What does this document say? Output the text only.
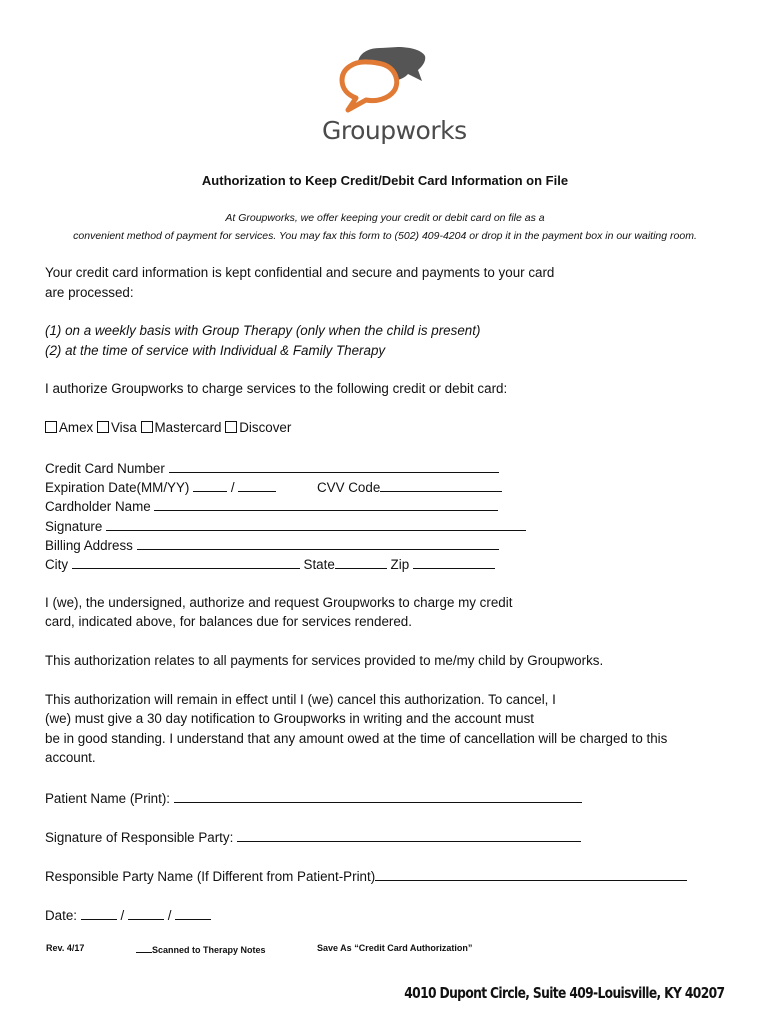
Groupworks
Authorization to Keep Credit/Debit Card Information on File
At Groupworks, we offer keeping your credit or debit card on file as a
convenient method of payment for services. You may fax this form to (502) 409-4204 or drop it in the payment box in our waiting room.
Your credit card information is kept confidential and secure and payments to your card
are processed:
(1) on a weekly basis with Group Therapy (only when the child is present)
(2) at the time of service with Individual & Family Therapy
I authorize Groupworks to charge services to the following credit or debit card:
Amex Visa Mastercard Discover
Credit Card Number
Expiration Date(MM/YY)	/	CVV Code
Cardholder Name
Signature
Billing Address
City	State	Zip
I (we), the undersigned, authorize and request Groupworks to charge my credit
card, indicated above, for balances due for services rendered.
This authorization relates to all payments for services provided to me/my child by Groupworks.
This authorization will remain in effect until I (we) cancel this authorization. To cancel, I
(we) must give a 30 day notification to Groupworks in writing and the account must
be in good standing. I understand that any amount owed at the time of cancellation will be charged to this
account.
Patient Name (Print):
Signature of Responsible Party:
Responsible Party Name (If Different from Patient-Print)
Date:	/	/
Rev. 4/17	Scanned to Therapy Notes	Save As “Credit Card Authorization”
4010 Dupont Circle, Suite 409-Louisville, KY 40207
